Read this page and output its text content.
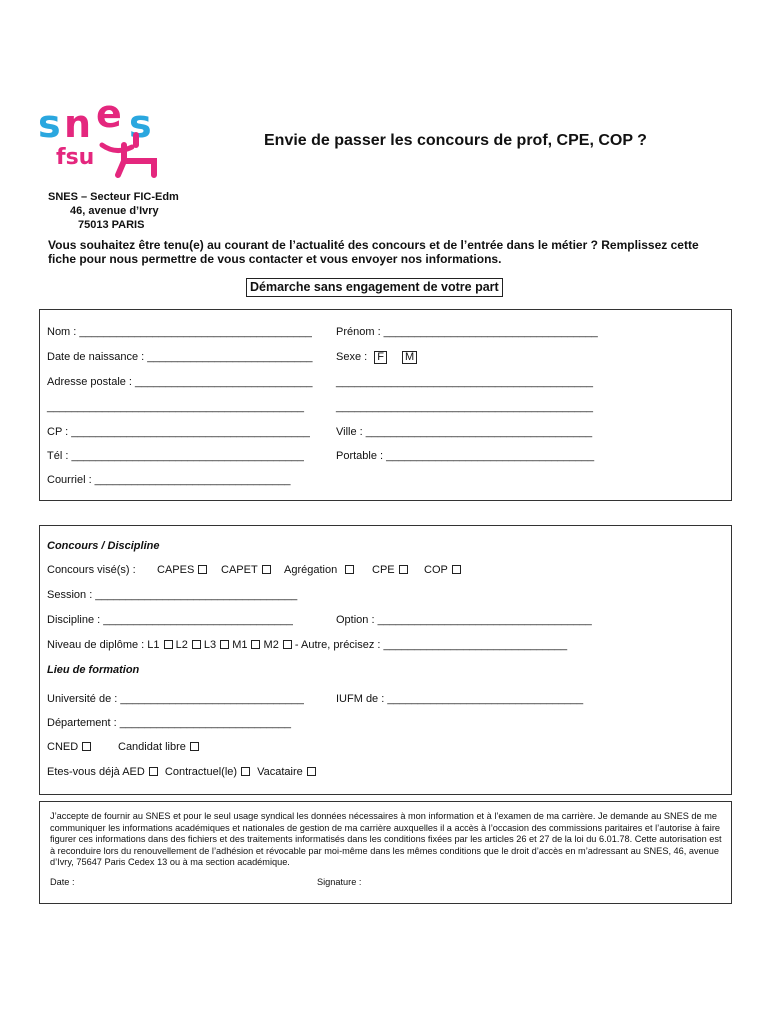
s n e s
fsu
Envie de passer les concours de prof, CPE, COP ?
SNES – Secteur FIC-Edm
46, avenue d’Ivry
75013 PARIS
Vous souhaitez être tenu(e) au courant de l’actualité des concours et de l’entrée dans le métier ? Remplissez cette fiche pour nous permettre de vous contacter et vous envoyer nos informations.
Démarche sans engagement de votre part
Nom : ______________________________________ Prénom : ___________________________________
Date de naissance : ___________________________ Sexe : F M
Adresse postale : _____________________________ __________________________________________
__________________________________________	__________________________________________
CP : _______________________________________ Ville : _____________________________________
Tél : ______________________________________	Portable : __________________________________
Courriel : ________________________________
Concours / Discipline
Concours visé(s) : CAPES	CAPET	Agrégation	CPE	COP
Session : _________________________________
Discipline : _______________________________	Option : ___________________________________
Niveau de diplôme : L1 L2 L3 M1 M2 - Autre, précisez : ______________________________
Lieu de formation
Université de : ______________________________	IUFM de : ________________________________
Département : ____________________________
CNED	Candidat libre
Etes-vous déjà AED Contractuel(le) Vacataire
J’accepte de fournir au SNES et pour le seul usage syndical les données nécessaires à mon information et à l’examen de ma carrière. Je demande au SNES de me communiquer les informations académiques et nationales de gestion de ma carrière auxquelles il a accès à l’occasion des commissions paritaires et l’autorise à faire figurer ces informations dans des fichiers et des traitements informatisés dans les conditions fixées par les articles 26 et 27 de la loi du 6.01.78. Cette autorisation est à reconduire lors du renouvellement de l’adhésion et révocable par moi-même dans les mêmes conditions que le droit d’accès en m’adressant au SNES, 46, avenue d’Ivry, 75647 Paris Cedex 13 ou à ma section académique.
Date :	Signature :
